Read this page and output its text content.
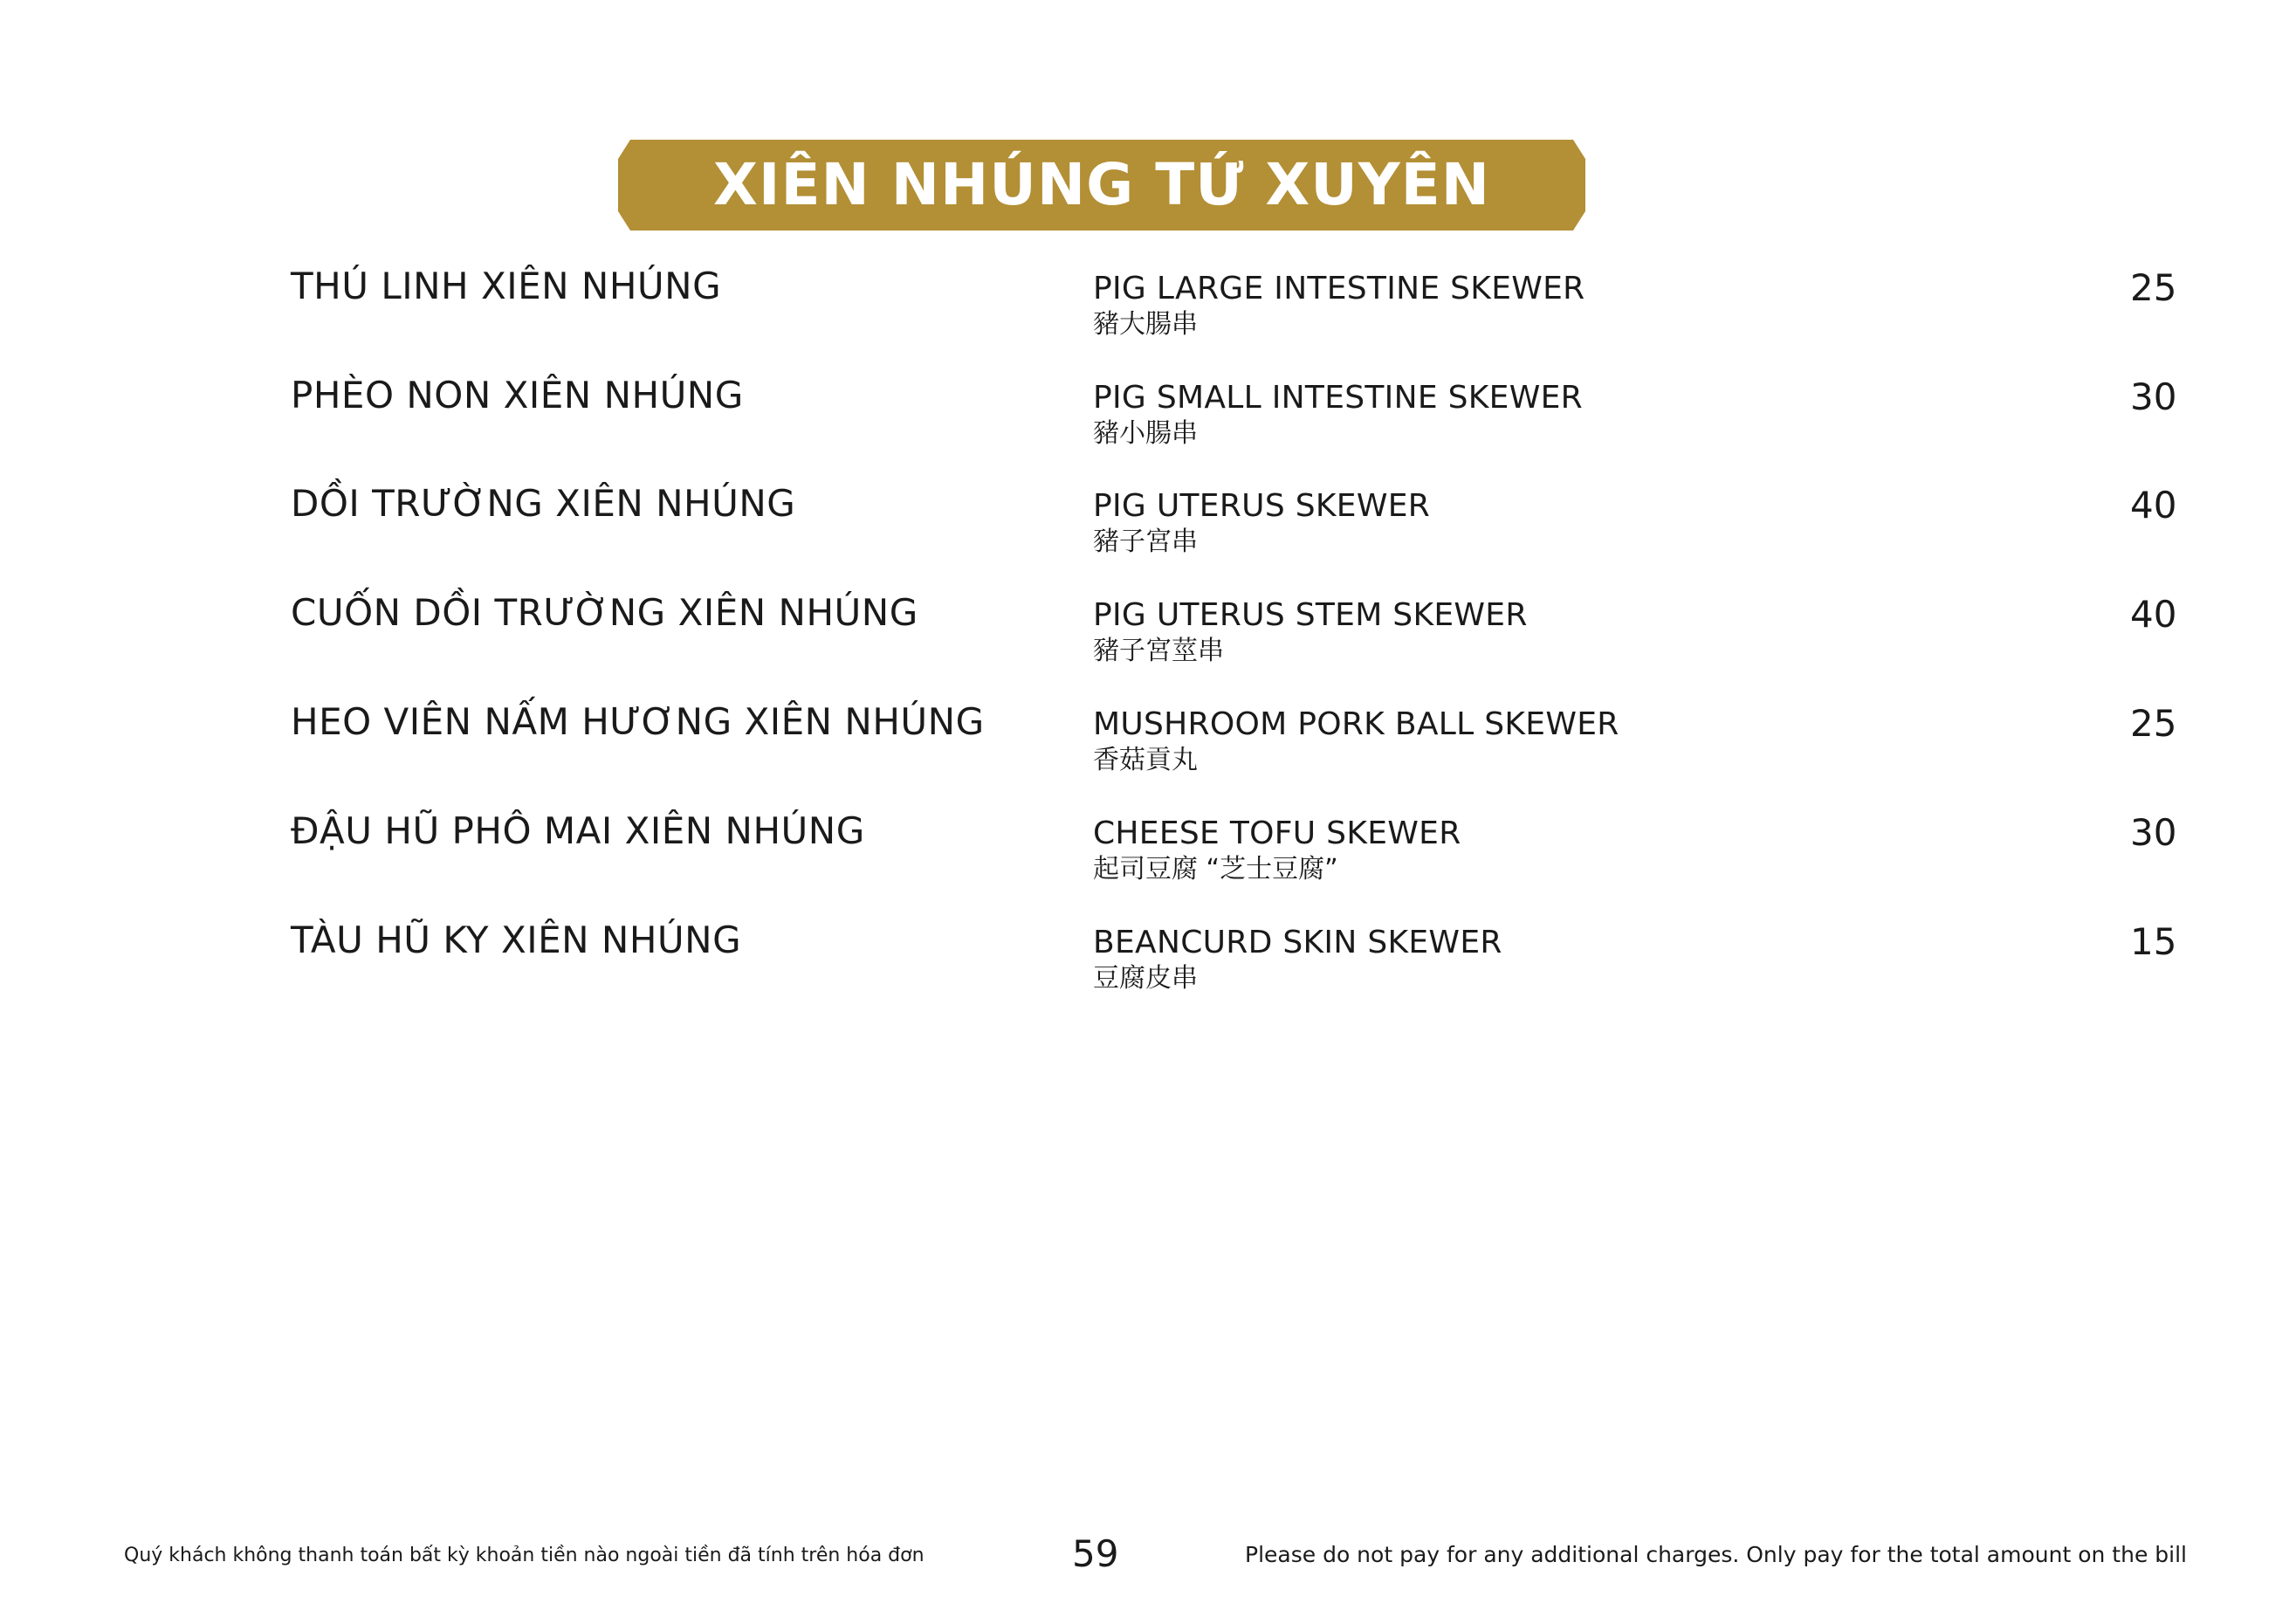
XIÊN NHÚNG TỨ XUYÊN
THÚ LINH XIÊN NHÚNG	PIG LARGE INTESTINE SKEWER
豬大腸串
25
PHÈO NON XIÊN NHÚNG	PIG SMALL INTESTINE SKEWER
豬小腸串
30
DỒI TRƯỜNG XIÊN NHÚNG	PIG UTERUS SKEWER
豬子宮串
40
CUỐN DỒI TRƯỜNG XIÊN NHÚNG	PIG UTERUS STEM SKEWER
豬子宮莖串
40
HEO VIÊN NẤM HƯƠNG XIÊN NHÚNG	MUSHROOM PORK BALL SKEWER
香菇貢丸
25
ĐẬU HŨ PHÔ MAI XIÊN NHÚNG	CHEESE TOFU SKEWER
起司豆腐 “芝士豆腐”
30
TÀU HŨ KY XIÊN NHÚNG	BEANCURD SKIN SKEWER
豆腐皮串
15
Quý khách không thanh toán bất kỳ khoản tiền nào ngoài tiền đã tính trên hóa đơn	59	Please do not pay for any additional charges. Only pay for the total amount on the bill
